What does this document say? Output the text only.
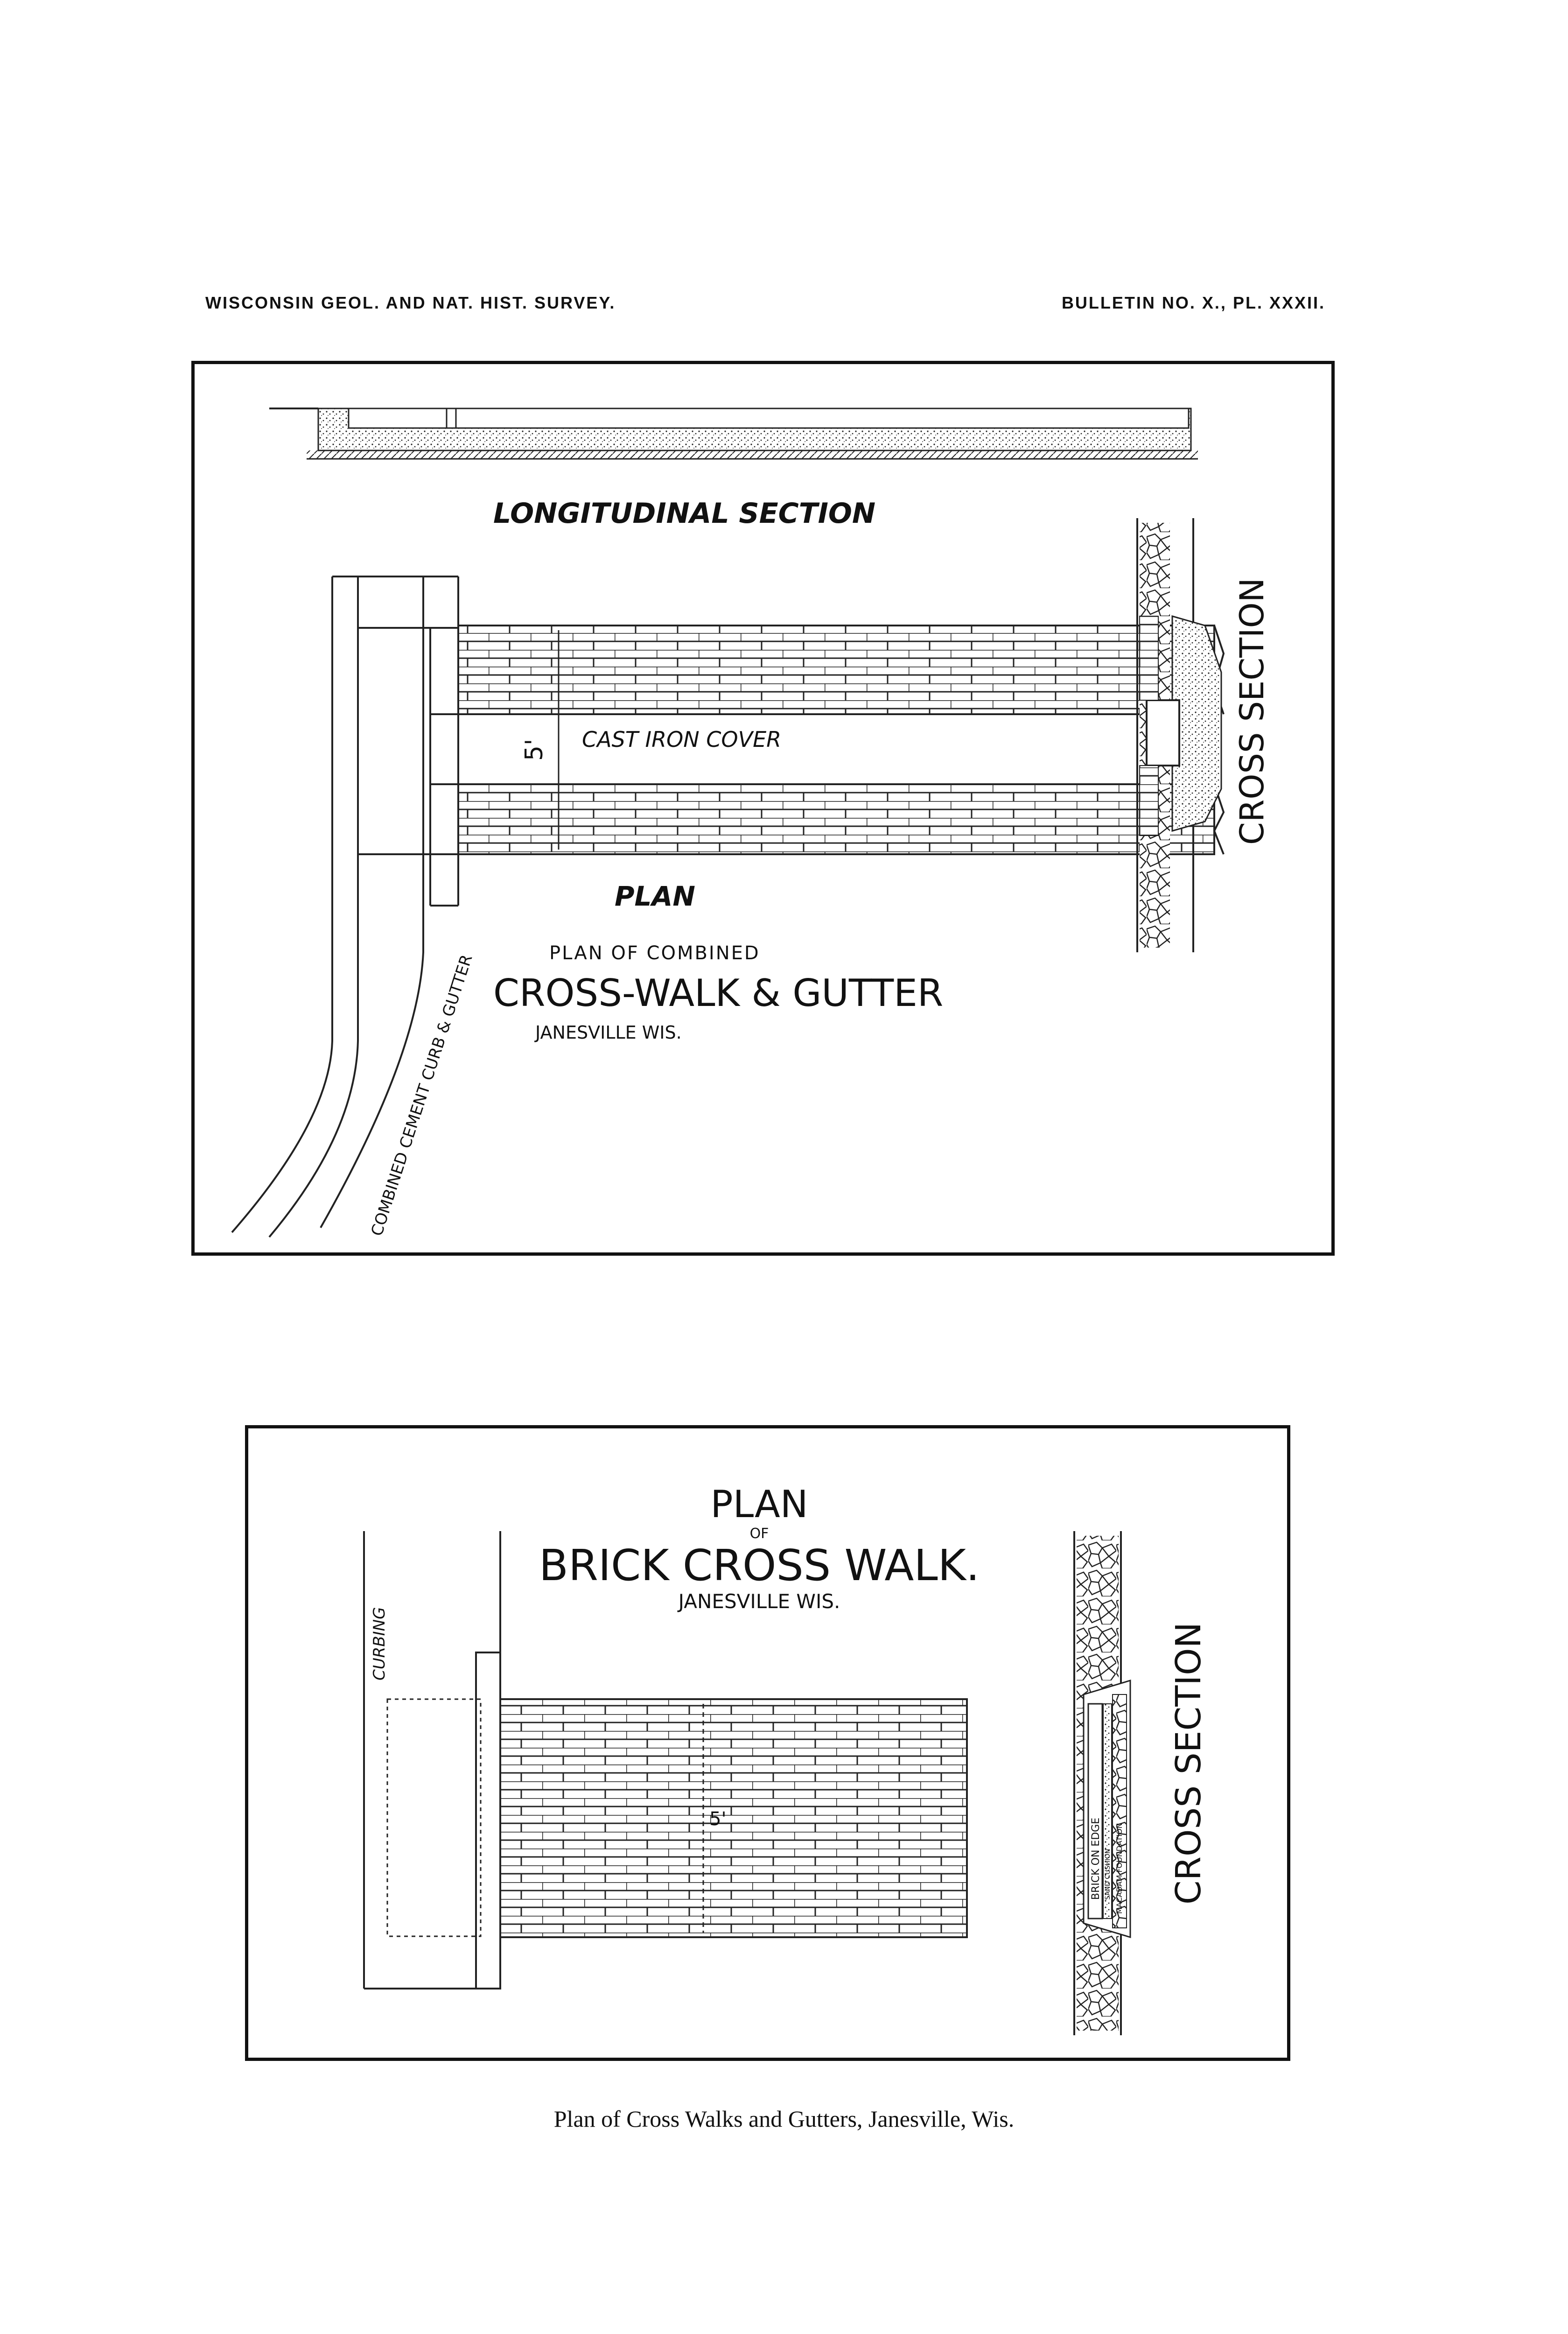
WISCONSIN GEOL. AND NAT. HIST. SURVEY.	BULLETIN NO. X., PL. XXXII.
LONGITUDINAL SECTION
5' CAST IRON COVER
PLAN
PLAN OF COMBINED
CROSS-WALK & GUTTER
JANESVILLE WIS.
COMBINED CEMENT CURB & GUTTER
CROSS SECTION
PLAN
OF
BRICK CROSS WALK.
JANESVILLE WIS.
CURBING
5'	BRICK ON EDGE SAND CUSHION MACADAM FOUNDATION CROSS SECTION
Plan of Cross Walks and Gutters, Janesville, Wis.
